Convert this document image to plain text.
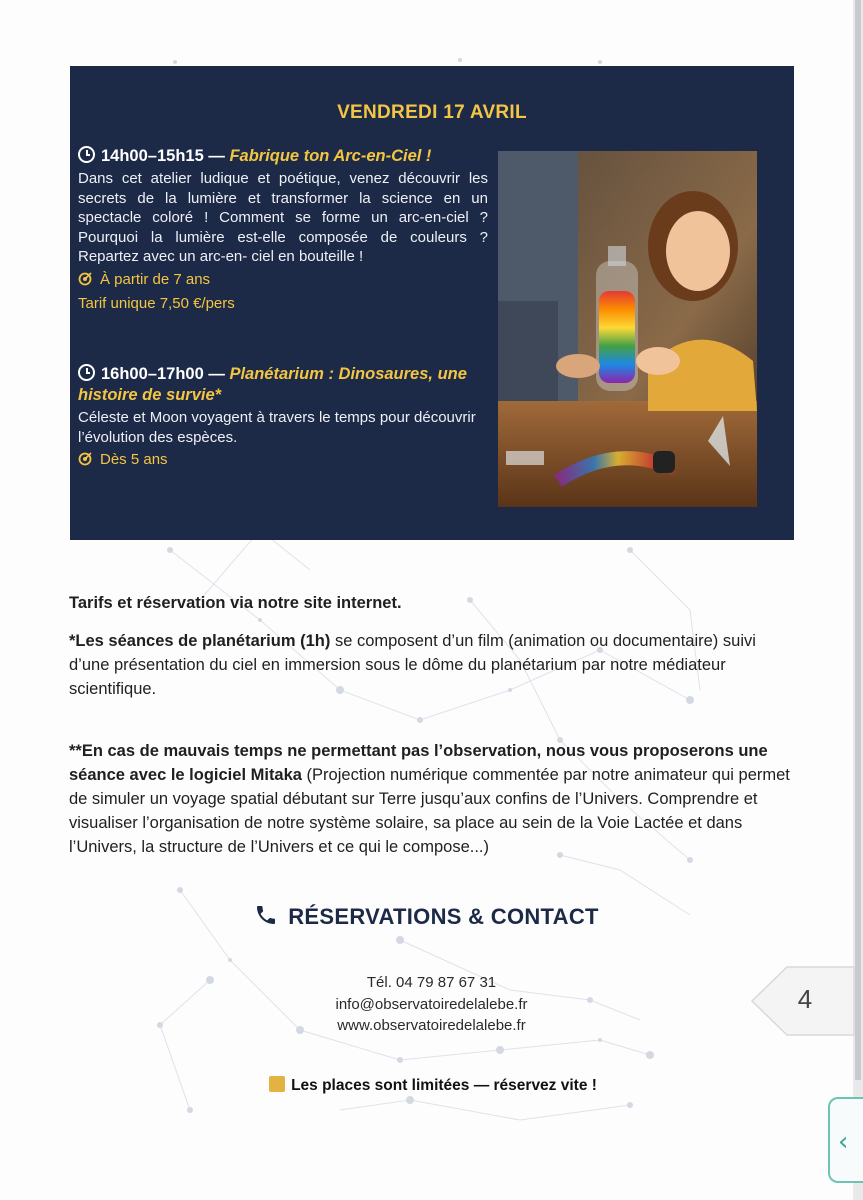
VENDREDI 17 AVRIL
14h00–15h15 — Fabrique ton Arc-en-Ciel !
Dans cet atelier ludique et poétique, venez découvrir les secrets de la lumière et transformer la science en un spectacle coloré ! Comment se forme un arc-en-ciel ? Pourquoi la lumière est-elle composée de couleurs ? Repartez avec un arc-en- ciel en bouteille !
À partir de 7 ans
Tarif unique 7,50 €/pers
16h00–17h00 — Planétarium : Dinosaures, une histoire de survie*
Céleste et Moon voyagent à travers le temps pour découvrir l’évolution des espèces.
Dès 5 ans

Tarifs et réservation via notre site internet.

*Les séances de planétarium (1h) se composent d’un film (animation ou documentaire) suivi d’une présentation du ciel en immersion sous le dôme du planétarium par notre médiateur scientifique.

**En cas de mauvais temps ne permettant pas l’observation, nous vous proposerons une séance avec le logiciel Mitaka (Projection numérique commentée par notre animateur qui permet de simuler un voyage spatial débutant sur Terre jusqu’aux confins de l’Univers. Comprendre et visualiser l’organisation de notre système solaire, sa place au sein de la Voie Lactée et dans l’Univers, la structure de l’Univers et ce qui le compose...)

RÉSERVATIONS & CONTACT
Tél. 04 79 87 67 31
info@observatoiredelalebe.fr
www.observatoiredelalebe.fr
Les places sont limitées — réservez vite !
4
‹
